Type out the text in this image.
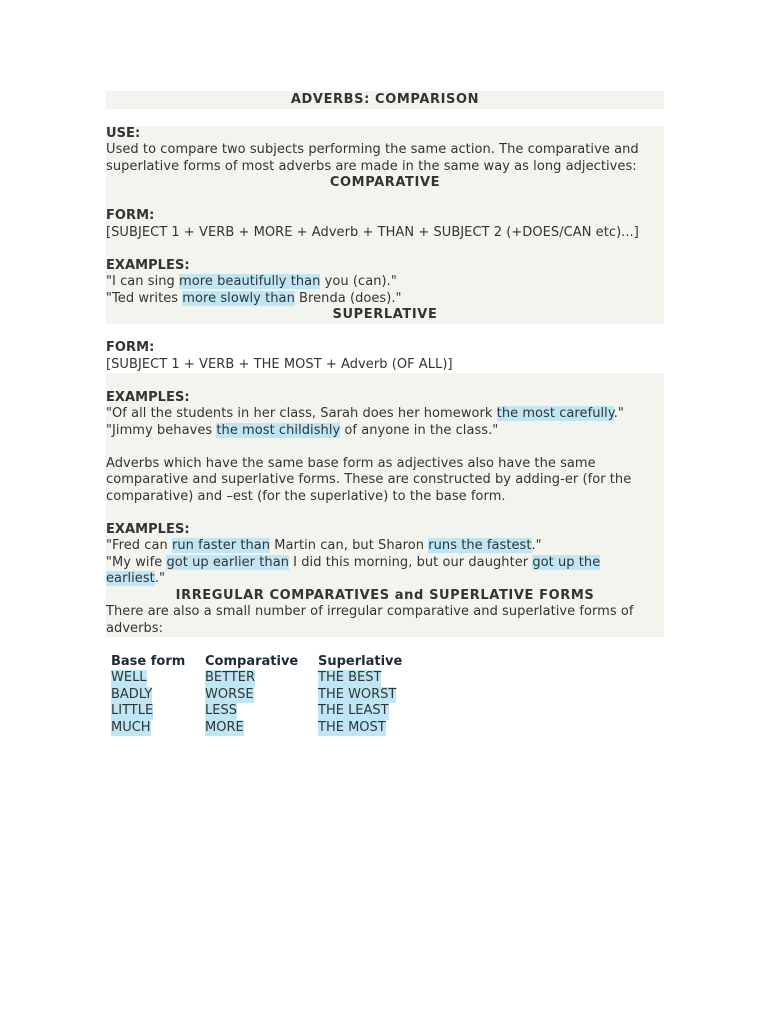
ADVERBS: COMPARISON
USE:
Used to compare two subjects performing the same action. The comparative and
superlative forms of most adverbs are made in the same way as long adjectives:
COMPARATIVE
FORM:
[SUBJECT 1 + VERB + MORE + Adverb + THAN + SUBJECT 2 (+DOES/CAN etc)...]
EXAMPLES:
"I can sing more beautifully than you (can)."
"Ted writes more slowly than Brenda (does)."
SUPERLATIVE
FORM:
[SUBJECT 1 + VERB + THE MOST + Adverb (OF ALL)]
EXAMPLES:
"Of all the students in her class, Sarah does her homework the most carefully."
"Jimmy behaves the most childishly of anyone in the class."
Adverbs which have the same base form as adjectives also have the same
comparative and superlative forms. These are constructed by adding-er (for the
comparative) and –est (for the superlative) to the base form.
EXAMPLES:
"Fred can run faster than Martin can, but Sharon runs the fastest."
"My wife got up earlier than I did this morning, but our daughter got up the
earliest."
IRREGULAR COMPARATIVES and SUPERLATIVE FORMS
There are also a small number of irregular comparative and superlative forms of
adverbs:
Base form	Comparative	Superlative
WELL	BETTER	THE BEST
BADLY	WORSE	THE WORST
LITTLE	LESS	THE LEAST
MUCH	MORE	THE MOST
